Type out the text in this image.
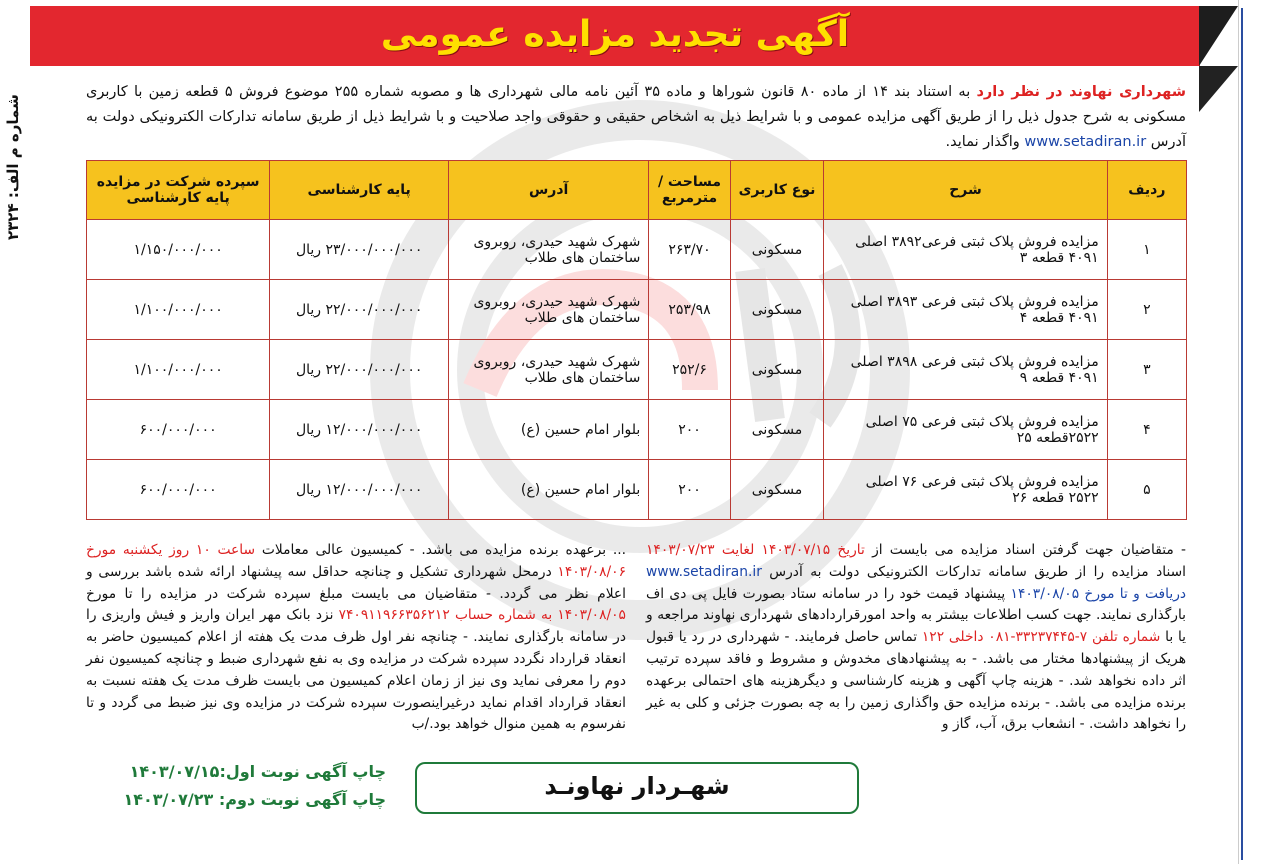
آگهی تجدید مزایده عمومی
شماره م الف: ۲۳۲۴
شهرداری نهاوند در نظر دارد به استناد بند ۱۴ از ماده ۸۰ قانون شوراها و ماده ۳۵ آئین نامه مالی شهرداری ها و مصوبه شماره ۲۵۵ موضوع فروش ۵ قطعه زمین با کاربری مسکونی به شرح جدول ذیل را از طریق آگهی مزایده عمومی و با شرایط ذیل به اشخاص حقیقی و حقوقی واجد صلاحیت و با شرایط ذیل از طریق سامانه تدارکات الکترونیکی دولت به آدرس www.setadiran.ir واگذار نماید.
ردیف	شرح	نوع کاربری	مساحت / مترمربع	آدرس	پایه کارشناسی	سپرده شرکت در مزایده پایه کارشناسی
۱	مزایده فروش پلاک ثبتی فرعی۳۸۹۲ اصلی ۴۰۹۱ قطعه ۳	مسکونی	۲۶۳/۷۰	شهرک شهید حیدری، روبروی ساختمان های طلاب	۲۳/۰۰۰/۰۰۰/۰۰۰ ریال	۱/۱۵۰/۰۰۰/۰۰۰
۲	مزایده فروش پلاک ثبتی فرعی ۳۸۹۳ اصلی ۴۰۹۱ قطعه ۴	مسکونی	۲۵۳/۹۸	شهرک شهید حیدری، روبروی ساختمان های طلاب	۲۲/۰۰۰/۰۰۰/۰۰۰ ریال	۱/۱۰۰/۰۰۰/۰۰۰
۳	مزایده فروش پلاک ثبتی فرعی ۳۸۹۸ اصلی ۴۰۹۱ قطعه ۹	مسکونی	۲۵۲/۶	شهرک شهید حیدری، روبروی ساختمان های طلاب	۲۲/۰۰۰/۰۰۰/۰۰۰ ریال	۱/۱۰۰/۰۰۰/۰۰۰
۴	مزایده فروش پلاک ثبتی فرعی ۷۵ اصلی ۲۵۲۲قطعه ۲۵	مسکونی	۲۰۰	بلوار امام حسین (ع)	۱۲/۰۰۰/۰۰۰/۰۰۰ ریال	۶۰۰/۰۰۰/۰۰۰
۵	مزایده فروش پلاک ثبتی فرعی ۷۶ اصلی ۲۵۲۲ قطعه ۲۶	مسکونی	۲۰۰	بلوار امام حسین (ع)	۱۲/۰۰۰/۰۰۰/۰۰۰ ریال	۶۰۰/۰۰۰/۰۰۰
- متقاضیان جهت گرفتن اسناد مزایده می بایست از تاریخ ۱۴۰۳/۰۷/۱۵ لغایت ۱۴۰۳/۰۷/۲۳ اسناد مزایده را از طریق سامانه تدارکات الکترونیکی دولت به آدرس www.setadiran.ir دریافت و تا مورخ ۱۴۰۳/۰۸/۰۵ پیشنهاد قیمت خود را در سامانه ستاد بصورت فایل پی دی اف بارگذاری نمایند. جهت کسب اطلاعات بیشتر به واحد امورقراردادهای شهرداری نهاوند مراجعه و یا با شماره تلفن ۷-۳۳۲۳۷۴۴۵-۰۸۱ داخلی ۱۲۲ تماس حاصل فرمایند. - شهرداری در رد یا قبول هریک از پیشنهادها مختار می باشد. - به پیشنهادهای مخدوش و مشروط و فاقد سپرده ترتیب اثر داده نخواهد شد. - هزینه چاپ آگهی و هزینه کارشناسی و دیگرهزینه های احتمالی برعهده برنده مزایده می باشد. - برنده مزایده حق واگذاری زمین را به چه بصورت جزئی و کلی به غیر را نخواهد داشت. - انشعاب برق، آب، گاز و
... برعهده برنده مزایده می باشد. - کمیسیون عالی معاملات ساعت ۱۰ روز یکشنبه مورخ ۱۴۰۳/۰۸/۰۶ درمحل شهرداری تشکیل و چنانچه حداقل سه پیشنهاد ارائه شده باشد بررسی و اعلام نظر می گردد. - متقاضیان می بایست مبلغ سپرده شرکت در مزایده را تا مورخ ۱۴۰۳/۰۸/۰۵ به شماره حساب ۷۴۰۹۱۱۹۶۶۳۵۶۲۱۲ نزد بانک مهر ایران واریز و فیش واریزی را در سامانه بارگذاری نمایند. - چنانچه نفر اول ظرف مدت یک هفته از اعلام کمیسیون حاضر به انعقاد قرارداد نگردد سپرده شرکت در مزایده وی به نفع شهرداری ضبط و چنانچه کمیسیون نفر دوم را معرفی نماید وی نیز از زمان اعلام کمیسیون می بایست ظرف مدت یک هفته نسبت به انعقاد قرارداد اقدام نماید درغیراینصورت سپرده شرکت در مزایده وی نیز ضبط می گردد و تا نفرسوم به همین منوال خواهد بود./ب
شهـردار نهاونـد
چاپ آگهی نوبت اول:۱۴۰۳/۰۷/۱۵
چاپ آگهی نوبت دوم: ۱۴۰۳/۰۷/۲۳
